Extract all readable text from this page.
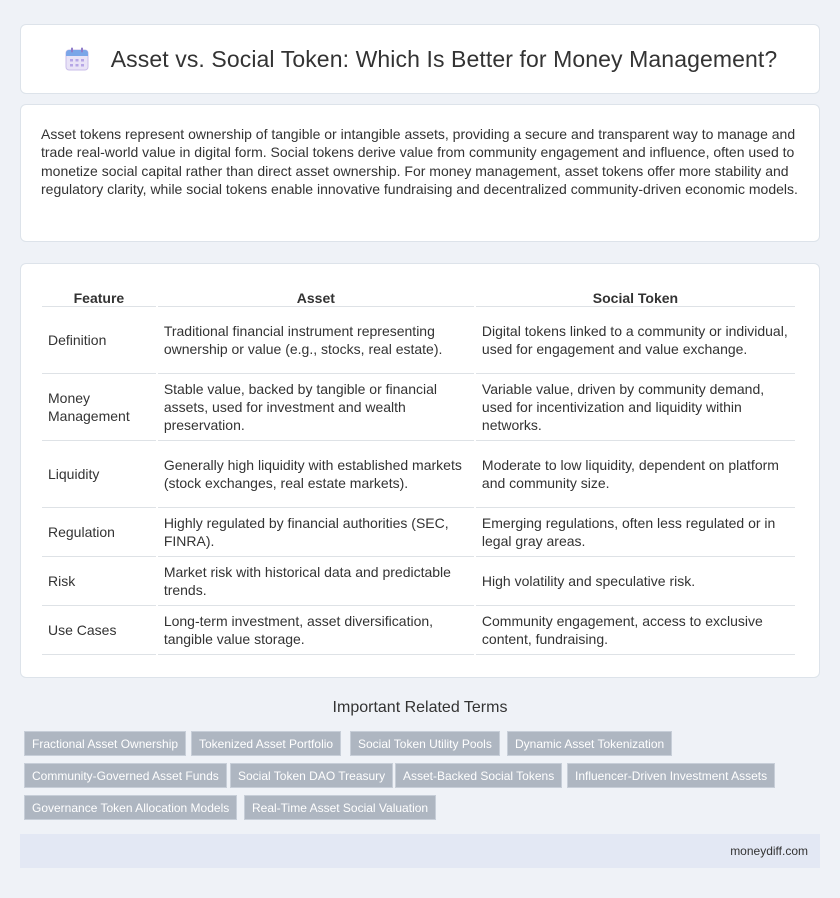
Asset vs. Social Token: Which Is Better for Money Management?

Asset tokens represent ownership of tangible or intangible assets, providing a secure and transparent way to manage and trade real-world value in digital form. Social tokens derive value from community engagement and influence, often used to monetize social capital rather than direct asset ownership. For money management, asset tokens offer more stability and regulatory clarity, while social tokens enable innovative fundraising and decentralized community-driven economic models.

Feature	Asset	Social Token
Definition	Traditional financial instrument representing ownership or value (e.g., stocks, real estate).	Digital tokens linked to a community or individual, used for engagement and value exchange.
Money Management	Stable value, backed by tangible or financial assets, used for investment and wealth preservation.	Variable value, driven by community demand, used for incentivization and liquidity within networks.
Liquidity	Generally high liquidity with established markets (stock exchanges, real estate markets).	Moderate to low liquidity, dependent on platform and community size.
Regulation	Highly regulated by financial authorities (SEC, FINRA).	Emerging regulations, often less regulated or in legal gray areas.
Risk	Market risk with historical data and predictable trends.	High volatility and speculative risk.
Use Cases	Long-term investment, asset diversification, tangible value storage.	Community engagement, access to exclusive content, fundraising.
Important Related Terms
Fractional Asset Ownership	Tokenized Asset Portfolio	Social Token Utility Pools	Dynamic Asset Tokenization
Community-Governed Asset Funds	Social Token DAO Treasury	Asset-Backed Social Tokens	Influencer-Driven Investment Assets
Governance Token Allocation Models	Real-Time Asset Social Valuation
moneydiff.com
